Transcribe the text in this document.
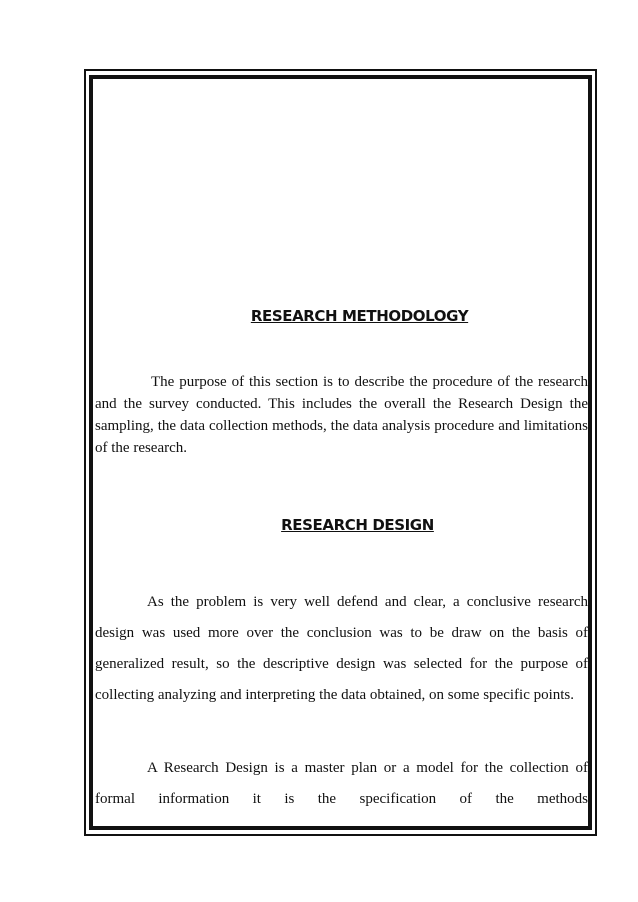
RESEARCH METHODOLOGY

The purpose of this section is to describe the procedure of the research and the survey conducted. This includes the overall the Research Design the sampling, the data collection methods, the data analysis procedure and limitations of the research.

RESEARCH DESIGN

As the problem is very well defend and clear, a conclusive research design was used more over the conclusion was to be draw on the basis of generalized result, so the descriptive design was selected for the purpose of collecting analyzing and interpreting the data obtained, on some specific points.

A Research Design is a master plan or a model for the collection of formal information it is the specification of the methods
